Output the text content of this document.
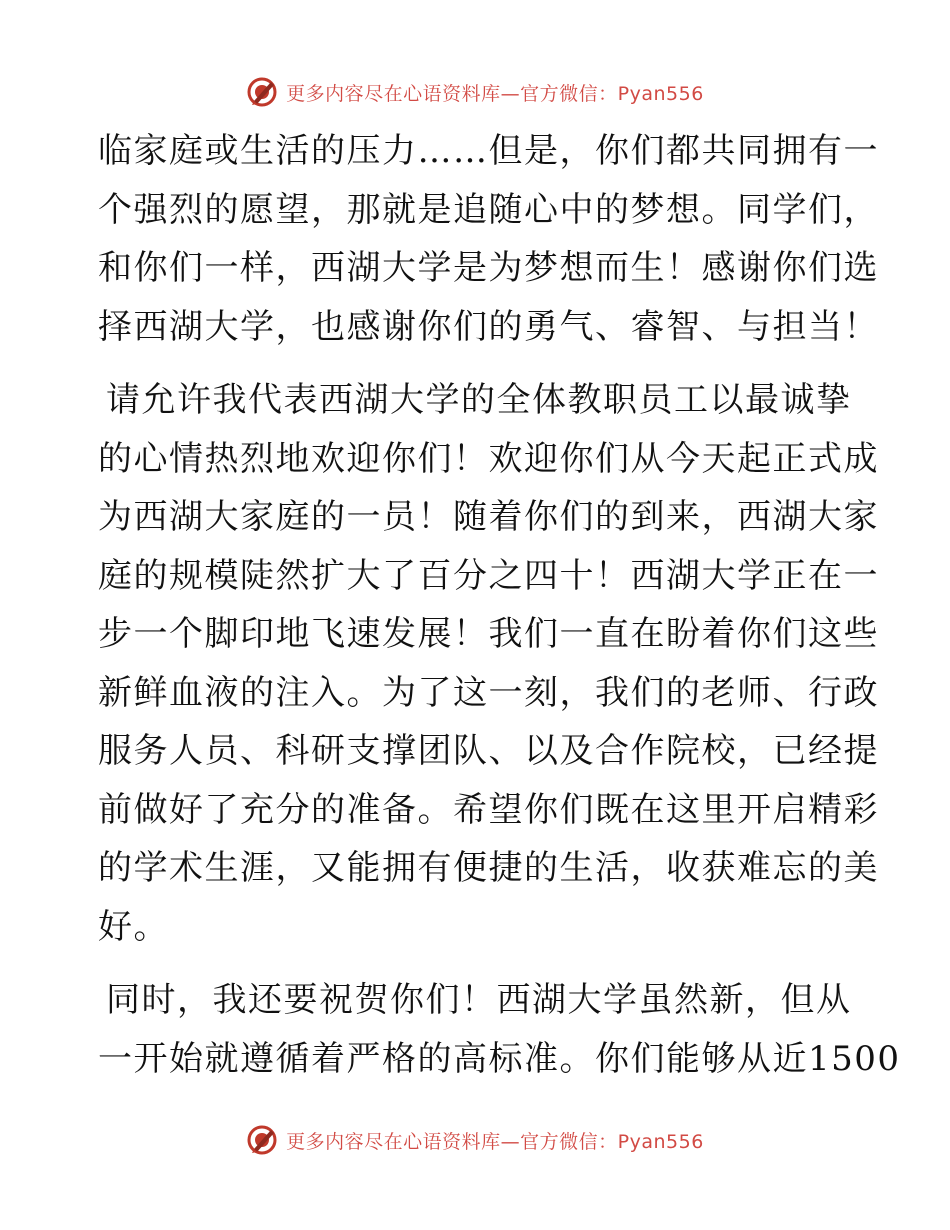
更多内容尽在心语资料库—官方微信：Pyan556
临家庭或生活的压力……但是，你们都共同拥有一
个强烈的愿望，那就是追随心中的梦想。同学们，
和你们一样，西湖大学是为梦想而生！感谢你们选
择西湖大学，也感谢你们的勇气、睿智、与担当！
请允许我代表西湖大学的全体教职员工以最诚挚
的心情热烈地欢迎你们！欢迎你们从今天起正式成
为西湖大家庭的一员！随着你们的到来，西湖大家
庭的规模陡然扩大了百分之四十！西湖大学正在一
步一个脚印地飞速发展！我们一直在盼着你们这些
新鲜血液的注入。为了这一刻，我们的老师、行政
服务人员、科研支撑团队、以及合作院校，已经提
前做好了充分的准备。希望你们既在这里开启精彩
的学术生涯，又能拥有便捷的生活，收获难忘的美
好。
同时，我还要祝贺你们！西湖大学虽然新，但从
一开始就遵循着严格的高标准。你们能够从近1500
更多内容尽在心语资料库—官方微信：Pyan556
